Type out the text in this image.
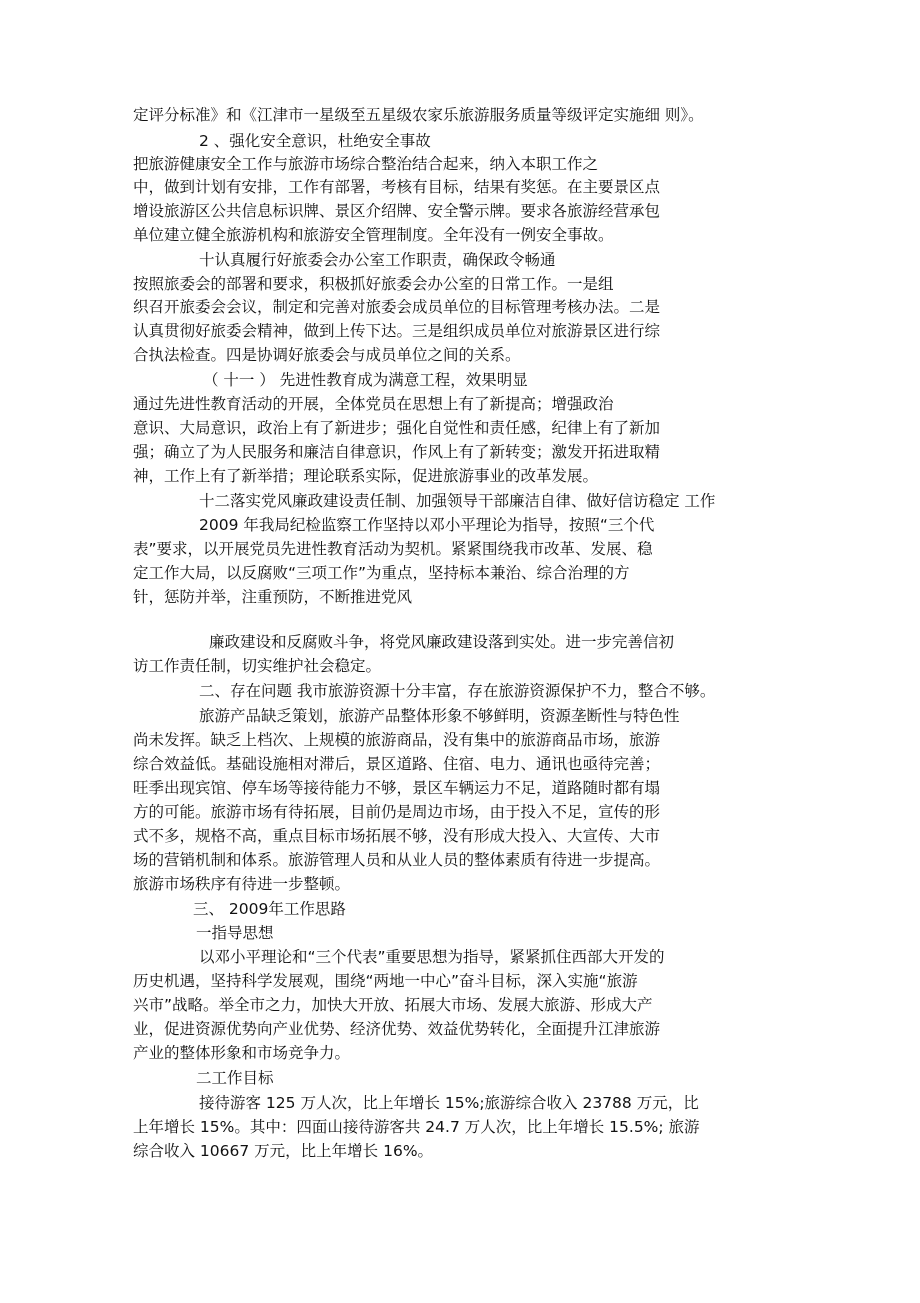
定评分标准》和《江津市一星级至五星级农家乐旅游服务质量等级评定实施细 则》。

2 、强化安全意识，杜绝安全事故

把旅游健康安全工作与旅游市场综合整治结合起来，纳入本职工作之

中，做到计划有安排，工作有部署，考核有目标，结果有奖惩。在主要景区点

增设旅游区公共信息标识牌、景区介绍牌、安全警示牌。要求各旅游经营承包

单位建立健全旅游机构和旅游安全管理制度。全年没有一例安全事故。

十认真履行好旅委会办公室工作职责，确保政令畅通

按照旅委会的部署和要求，积极抓好旅委会办公室的日常工作。一是组

织召开旅委会会议，制定和完善对旅委会成员单位的目标管理考核办法。二是

认真贯彻好旅委会精神，做到上传下达。三是组织成员单位对旅游景区进行综

合执法检查。四是协调好旅委会与成员单位之间的关系。

（ 十一 ） 先进性教育成为满意工程，效果明显

通过先进性教育活动的开展，全体党员在思想上有了新提高；增强政治

意识、大局意识，政治上有了新进步；强化自觉性和责任感，纪律上有了新加

强；确立了为人民服务和廉洁自律意识，作风上有了新转变；激发开拓进取精

神，工作上有了新举措；理论联系实际，促进旅游事业的改革发展。

十二落实党风廉政建设责任制、加强领导干部廉洁自律、做好信访稳定 工作

2009 年我局纪检监察工作坚持以邓小平理论为指导，按照“三个代

表”要求，以开展党员先进性教育活动为契机。紧紧围绕我市改革、发展、稳

定工作大局，以反腐败“三项工作”为重点，坚持标本兼治、综合治理的方

针，惩防并举，注重预防，不断推进党风

廉政建设和反腐败斗争，将党风廉政建设落到实处。进一步完善信初

访工作责任制，切实维护社会稳定。

二、存在问题 我市旅游资源十分丰富，存在旅游资源保护不力，整合不够。

旅游产品缺乏策划，旅游产品整体形象不够鲜明，资源垄断性与特色性

尚未发挥。缺乏上档次、上规模的旅游商品，没有集中的旅游商品市场，旅游

综合效益低。基础设施相对滞后，景区道路、住宿、电力、通讯也亟待完善；

旺季出现宾馆、停车场等接待能力不够，景区车辆运力不足，道路随时都有塌

方的可能。旅游市场有待拓展，目前仍是周边市场，由于投入不足，宣传的形

式不多，规格不高，重点目标市场拓展不够，没有形成大投入、大宣传、大市

场的营销机制和体系。旅游管理人员和从业人员的整体素质有待进一步提高。

旅游市场秩序有待进一步整顿。

三、 2009年工作思路

一指导思想

以邓小平理论和“三个代表”重要思想为指导，紧紧抓住西部大开发的

历史机遇，坚持科学发展观，围绕“两地一中心”奋斗目标，深入实施“旅游

兴市”战略。举全市之力，加快大开放、拓展大市场、发展大旅游、形成大产

业，促进资源优势向产业优势、经济优势、效益优势转化，全面提升江津旅游

产业的整体形象和市场竞争力。

二工作目标

接待游客 125 万人次，比上年增长 15%;旅游综合收入 23788 万元，比

上年增长 15%。其中：四面山接待游客共 24.7 万人次，比上年增长 15.5%; 旅游

综合收入 10667 万元，比上年增长 16%。
